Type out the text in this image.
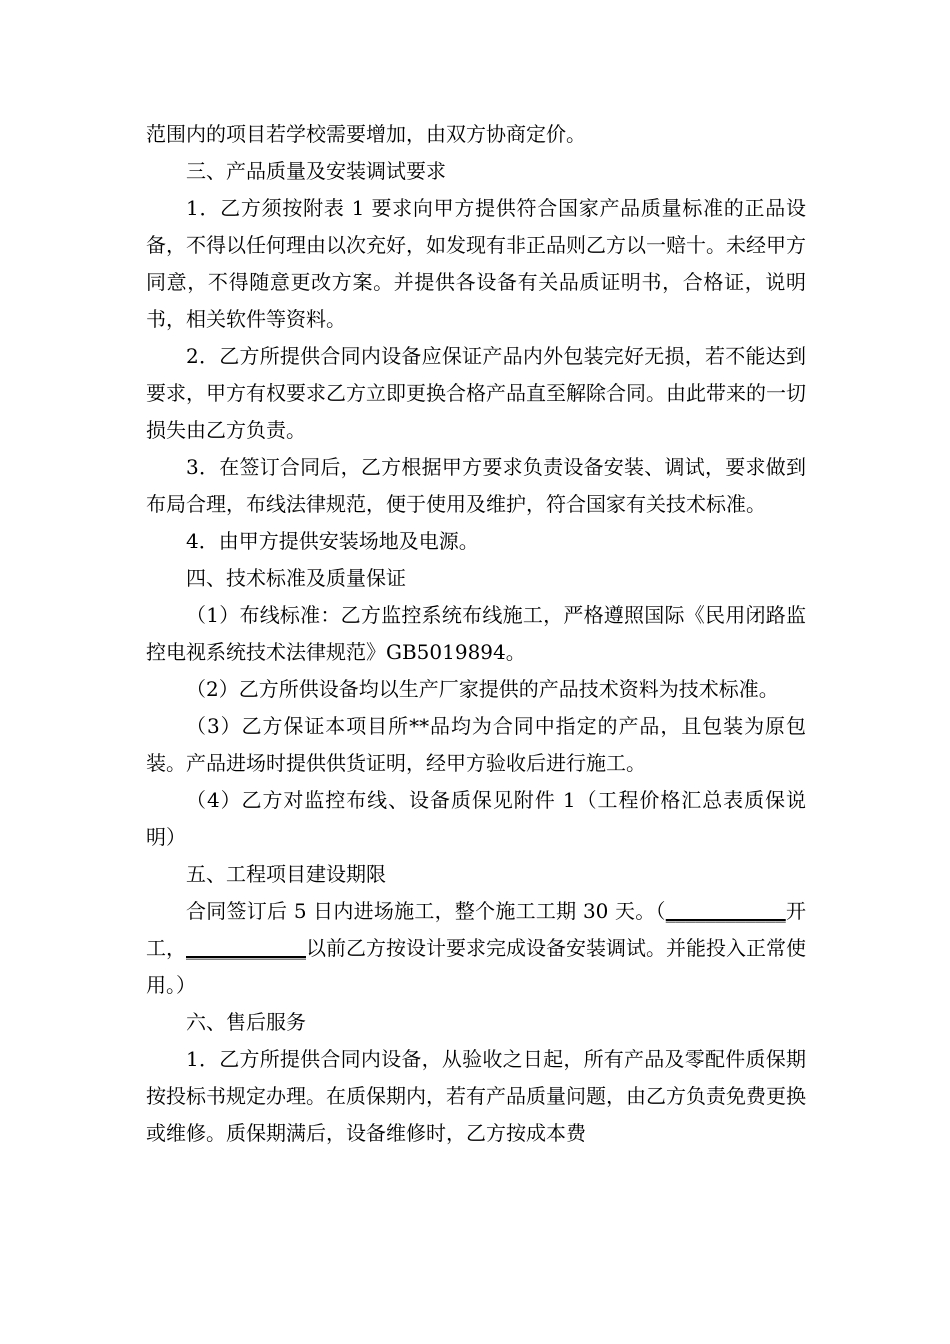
范围内的项目若学校需要增加，由双方协商定价。

三、产品质量及安装调试要求

1．乙方须按附表 1 要求向甲方提供符合国家产品质量标准的正品设备，不得以任何理由以次充好，如发现有非正品则乙方以一赔十。未经甲方同意，不得随意更改方案。并提供各设备有关品质证明书，合格证，说明书，相关软件等资料。

2．乙方所提供合同内设备应保证产品内外包装完好无损，若不能达到要求，甲方有权要求乙方立即更换合格产品直至解除合同。由此带来的一切损失由乙方负责。

3．在签订合同后，乙方根据甲方要求负责设备安装、调试，要求做到布局合理，布线法律规范，便于使用及维护，符合国家有关技术标准。

4．由甲方提供安装场地及电源。

四、技术标准及质量保证

（1）布线标准：乙方监控系统布线施工，严格遵照国际《民用闭路监控电视系统技术法律规范》GB5019894。

（2）乙方所供设备均以生产厂家提供的产品技术资料为技术标准。

（3）乙方保证本项目所**品均为合同中指定的产品，且包装为原包装。产品进场时提供供货证明，经甲方验收后进行施工。

（4）乙方对监控布线、设备质保见附件 1（工程价格汇总表质保说明）

五、工程项目建设期限

合同签订后 5 日内进场施工，整个施工工期 30 天。（____________开工，____________以前乙方按设计要求完成设备安装调试。并能投入正常使用。）

六、售后服务

1．乙方所提供合同内设备，从验收之日起，所有产品及零配件质保期按投标书规定办理。在质保期内，若有产品质量问题，由乙方负责免费更换或维修。质保期满后，设备维修时，乙方按成本费
